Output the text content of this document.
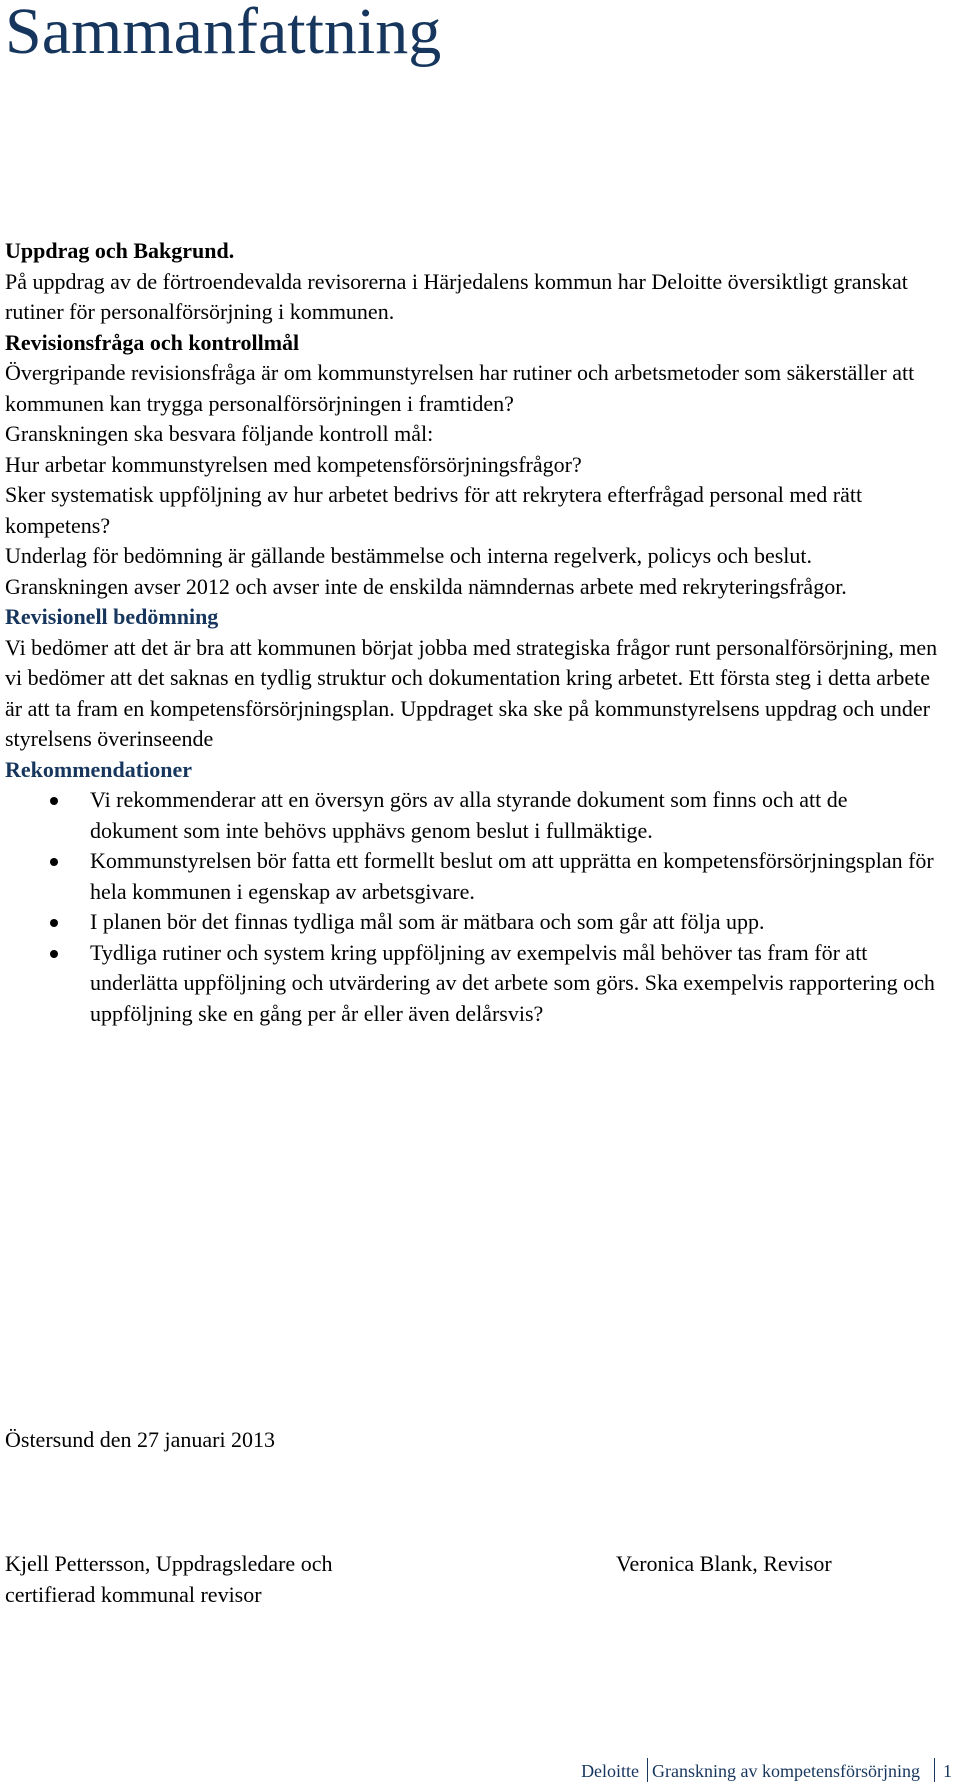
Sammanfattning

Uppdrag och Bakgrund.

På uppdrag av de förtroendevalda revisorerna i Härjedalens kommun har Deloitte översiktligt granskat rutiner för personalförsörjning i kommunen.

Revisionsfråga och kontrollmål

Övergripande revisionsfråga är om kommunstyrelsen har rutiner och arbetsmetoder som säkerställer att kommunen kan trygga personalförsörjningen i framtiden?

Granskningen ska besvara följande kontroll mål:

Hur arbetar kommunstyrelsen med kompetensförsörjningsfrågor?

Sker systematisk uppföljning av hur arbetet bedrivs för att rekrytera efterfrågad personal med rätt kompetens?

Underlag för bedömning är gällande bestämmelse och interna regelverk, policys och beslut. Granskningen avser 2012 och avser inte de enskilda nämndernas arbete med rekryteringsfrågor.

Revisionell bedömning

Vi bedömer att det är bra att kommunen börjat jobba med strategiska frågor runt personalförsörjning, men vi bedömer att det saknas en tydlig struktur och dokumentation kring arbetet. Ett första steg i detta arbete är att ta fram en kompetensförsörjningsplan. Uppdraget ska ske på kommunstyrelsens uppdrag och under styrelsens överinseende

Rekommendationer

Vi rekommenderar att en översyn görs av alla styrande dokument som finns och att de dokument som inte behövs upphävs genom beslut i fullmäktige.
Kommunstyrelsen bör fatta ett formellt beslut om att upprätta en kompetensförsörjningsplan för hela kommunen i egenskap av arbetsgivare.
I planen bör det finnas tydliga mål som är mätbara och som går att följa upp.
Tydliga rutiner och system kring uppföljning av exempelvis mål behöver tas fram för att underlätta uppföljning och utvärdering av det arbete som görs. Ska exempelvis rapportering och uppföljning ske en gång per år eller även delårsvis?
Östersund den 27 januari 2013
Kjell Pettersson, Uppdragsledare och
certifierad kommunal revisor
Veronica Blank, Revisor
Deloitte Granskning av kompetensförsörjning 1
